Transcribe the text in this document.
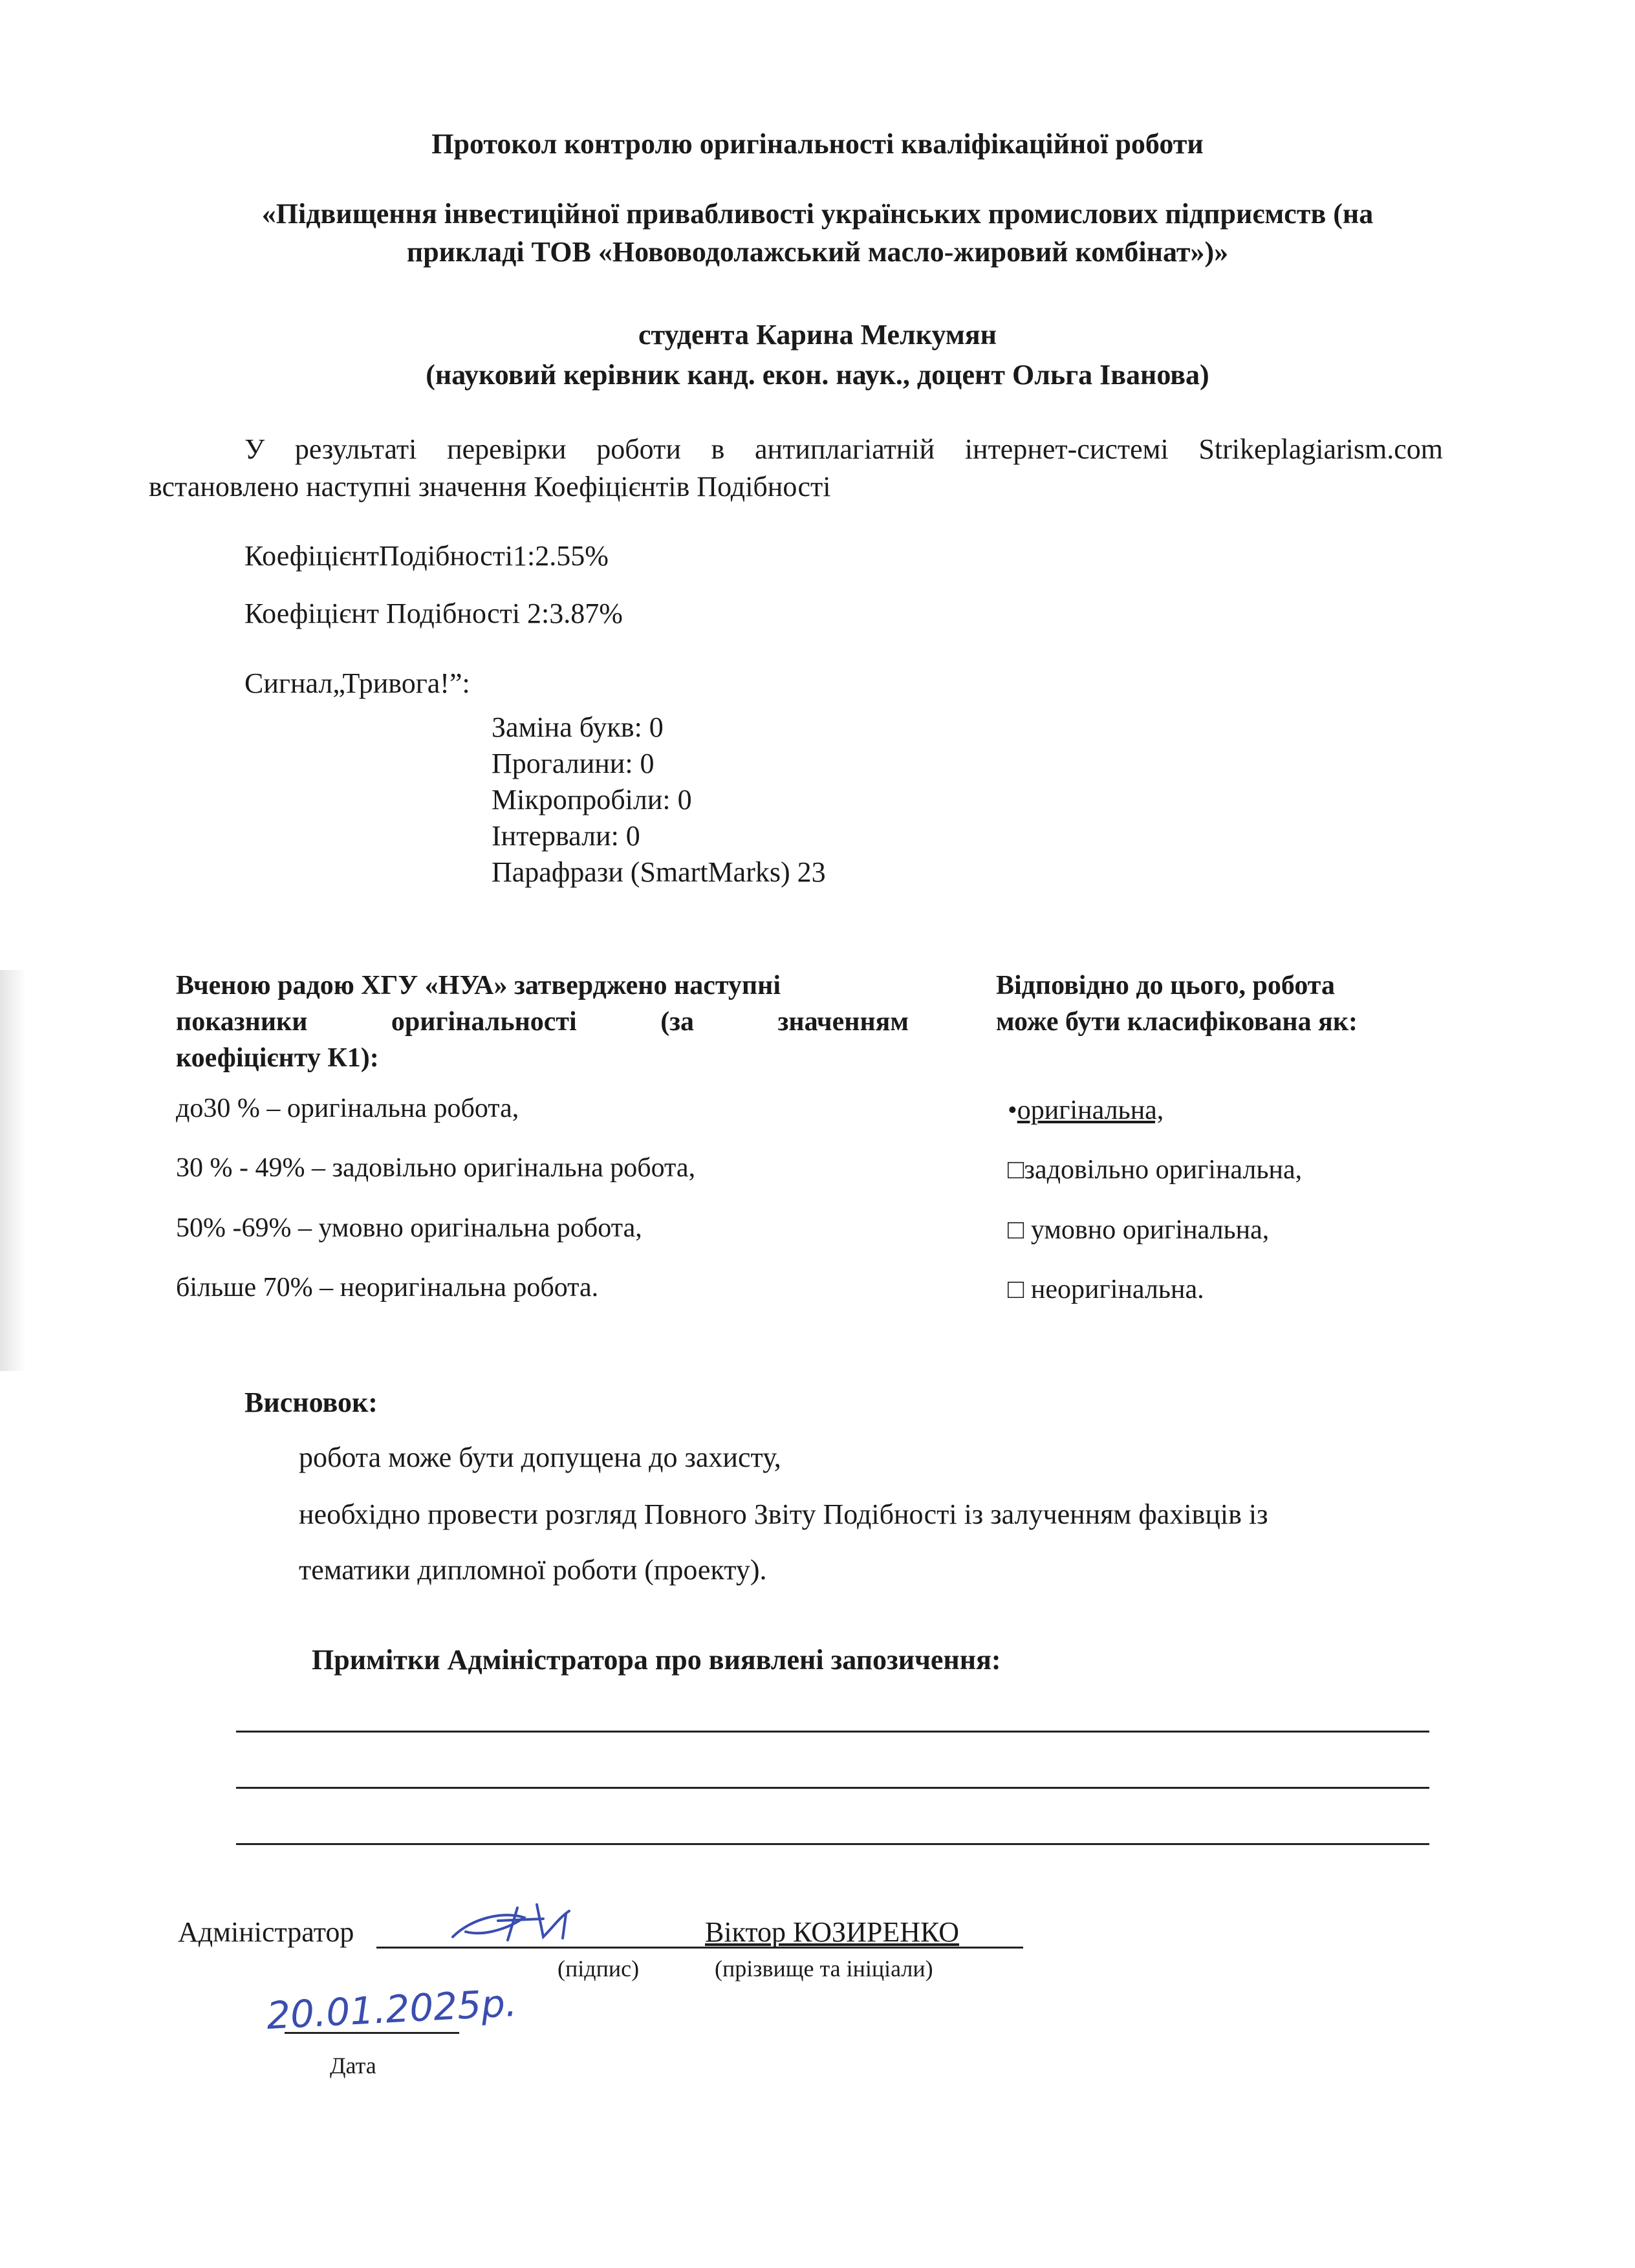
Протокол контролю оригінальності кваліфікаційної роботи
«Підвищення інвестиційної привабливості українських промислових підприємств (на
прикладі ТОВ «Нововодолажський масло-жировий комбінат»)»
студента Карина Мелкумян
(науковий керівник канд. екон. наук., доцент Ольга Іванова)
У результаті перевірки роботи в антиплагіатній інтернет-системі Strikeplagiarism.com
встановлено наступні значення Коефіцієнтів Подібності
КоефіцієнтПодібності1:2.55%
Коефіцієнт Подібності 2:3.87%
Сигнал„Тривога!”:
Заміна букв: 0
Прогалини: 0
Мікропробіли: 0
Інтервали: 0
Парафрази (SmartMarks) 23
Вченою радою ХГУ «НУА» затверджено наступні
показники оригінальності (за значенням
коефіцієнту К1):
до30 % – оригінальна робота,
30 % - 49% – задовільно оригінальна робота,
50% -69% – умовно оригінальна робота,
більше 70% – неоригінальна робота.
Відповідно до цього, робота
може бути класифікована як:
•оригінальна,
□задовільно оригінальна,
□ умовно оригінальна,
□ неоригінальна.
Висновок:
робота може бути допущена до захисту,
необхідно провести розгляд Повного Звіту Подібності із залученням фахівців із
тематики дипломної роботи (проекту).
Примітки Адміністратора про виявлені запозичення:
Адміністратор	Віктор КОЗИРЕНКО
(підпис)	(прізвище та ініціали)
20.01.2025р.
Дата
